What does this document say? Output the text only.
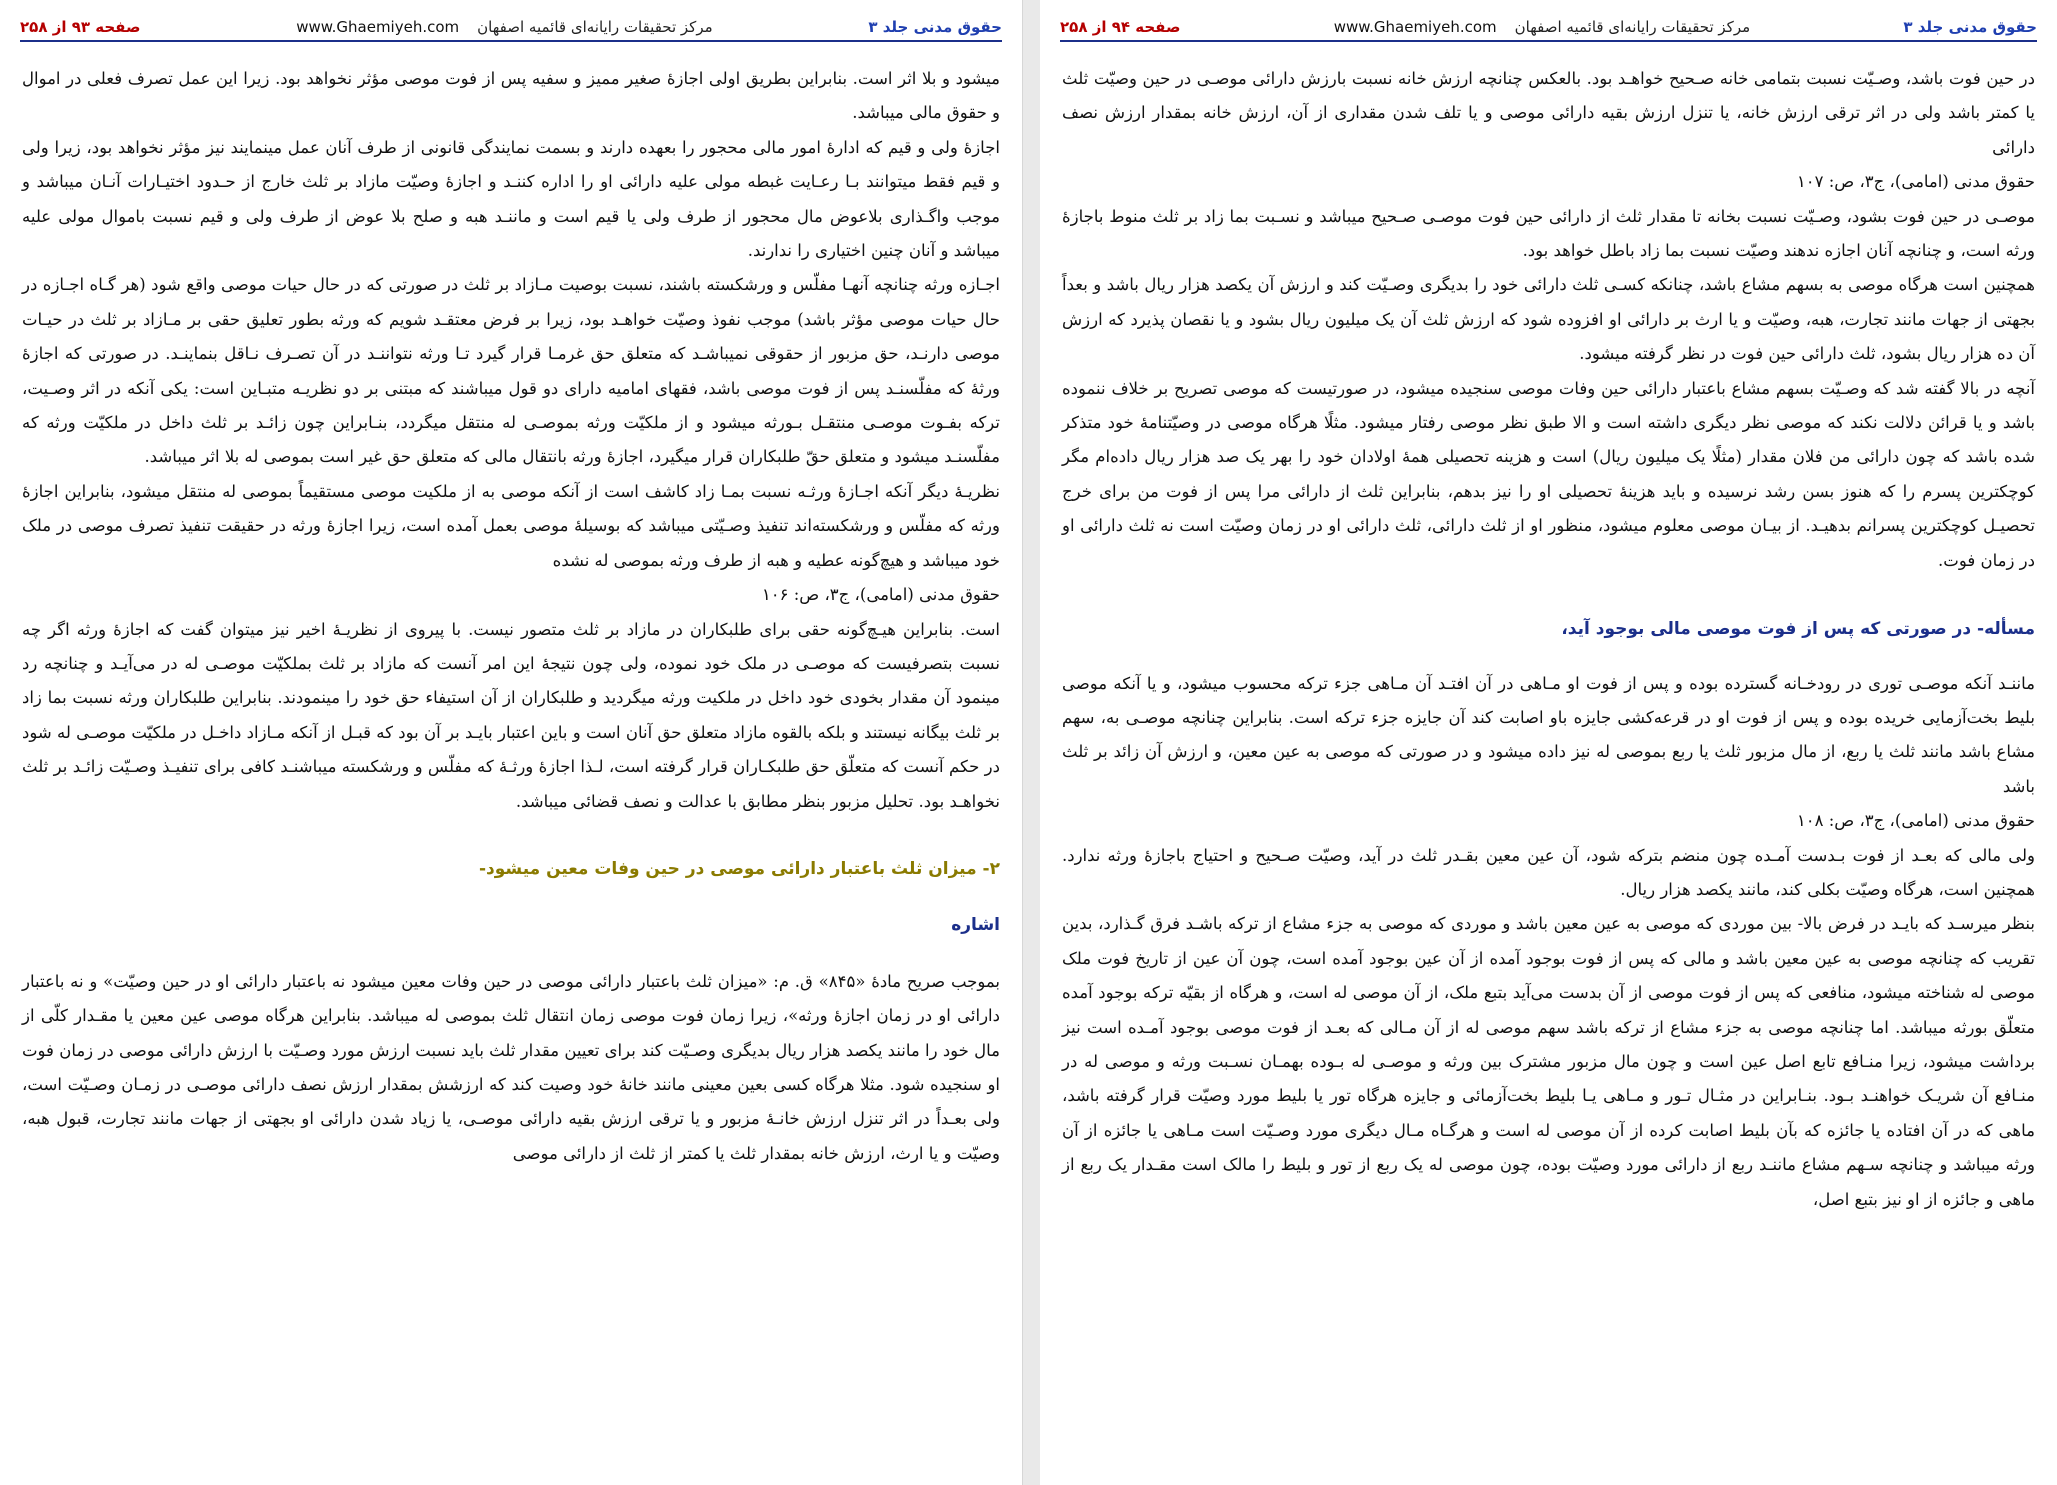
حقوق مدنی جلد ۳
مرکز تحقیقات رایانه‌ای قائمیه اصفهان
www.Ghaemiyeh.com
صفحه ۹۳ از ۲۵۸

میشود و بلا اثر است. بنابراین بطریق اولی اجازهٔ صغیر ممیز و سفیه پس از فوت موصی مؤثر نخواهد بود. زیرا این عمل تصرف فعلی در اموال و حقوق مالی میباشد.

اجازهٔ ولی و قیم که ادارهٔ امور مالی محجور را بعهده دارند و بسمت نمایندگی قانونی از طرف آنان عمل مینمایند نیز مؤثر نخواهد بود، زیرا ولی و قیم فقط میتوانند بـا رعـایت غبطه مولی علیه دارائی او را اداره کننـد و اجازهٔ وصیّت مازاد بر ثلث خارج از حـدود اختیـارات آنـان میباشد و موجب واگـذاری بلاعوض مال محجور از طرف ولی یا قیم است و ماننـد هبه و صلح بلا عوض از طرف ولی و قیم نسبت باموال مولی علیه میباشد و آنان چنین اختیاری را ندارند.

اجـازه ورثه چنانچه آنهـا مفلّس و ورشکسته باشند، نسبت بوصیت مـازاد بر ثلث در صورتی که در حال حیات موصی واقع شود (هر گـاه اجـازه در حال حیات موصی مؤثر باشد) موجب نفوذ وصیّت خواهـد بود، زیرا بر فرض معتقـد شویم که ورثه بطور تعلیق حقی بر مـازاد بر ثلث در حیـات موصی دارنـد، حق مزبور از حقوقی نمیباشـد که متعلق حق غرمـا قرار گیرد تـا ورثه نتواننـد در آن تصـرف نـاقل بنماینـد. در صورتی که اجازهٔ ورثهٔ که مفلّسنـد پس از فوت موصی باشد، فقهای امامیه دارای دو قول میباشند که مبتنی بر دو نظریـه متبـاین است: یکی آنکه در اثر وصـیت، ترکه بفـوت موصـی منتقـل بـورثه میشود و از ملکیّت ورثه بموصـی له منتقل میگردد، بنـابراین چون زائـد بر ثلث داخل در ملکیّت ورثه که مفلّسنـد میشود و متعلق حقّ طلبکاران قرار میگیرد، اجازهٔ ورثه بانتقال مالی که متعلق حق غیر است بموصی له بلا اثر میباشد.

نظریـهٔ دیگر آنکه اجـازهٔ ورثـه نسبت بمـا زاد کاشف است از آنکه موصی به از ملکیت موصی مستقیماً بموصی له منتقل میشود، بنابراین اجازهٔ ورثه که مفلّس و ورشکسته‌اند تنفیذ وصـیّتی میباشد که بوسیلهٔ موصی بعمل آمده است، زیرا اجازهٔ ورثه در حقیقت تنفیذ تصرف موصی در ملک خود میباشد و هیچ‌گونه عطیه و هبه از طرف ورثه بموصی له نشده

حقوق مدنی (امامی)، ج۳، ص: ۱۰۶

است. بنابراین هیـچ‌گونه حقی برای طلبکاران در مازاد بر ثلث متصور نیست. با پیروی از نظریـهٔ اخیر نیز میتوان گفت که اجازهٔ ورثه اگر چه نسبت بتصرفیست که موصـی در ملک خود نموده، ولی چون نتیجهٔ این امر آنست که مازاد بر ثلث بملکیّت موصـی له در می‌آیـد و چنانچه رد مینمود آن مقدار بخودی خود داخل در ملکیت ورثه میگردید و طلبکاران از آن استیفاء حق خود را مینمودند. بنابراین طلبکاران ورثه نسبت بما زاد بر ثلث بیگانه نیستند و بلکه بالقوه مازاد متعلق حق آنان است و باین اعتبار بایـد بر آن بود که قبـل از آنکه مـازاد داخـل در ملکیّت موصـی له شود در حکم آنست که متعلّق حق طلبکـاران قرار گرفته است، لـذا اجازهٔ ورثـهٔ که مفلّس و ورشکسته میباشنـد کافی برای تنفیـذ وصـیّت زائـد بر ثلث نخواهـد بود. تحلیل مزبور بنظر مطابق با عدالت و نصف قضائی میباشد.

۲- میزان ثلث باعتبار دارائی موصی در حین وفات معین میشود-
اشاره

بموجب صریح مادهٔ «۸۴۵» ق. م: «میزان ثلث باعتبار دارائی موصی در حین وفات معین میشود نه باعتبار دارائی او در حین وصیّت» و نه باعتبار دارائی او در زمان اجازهٔ ورثه»، زیرا زمان فوت موصی زمان انتقال ثلث بموصی له میباشد. بنابراین هرگاه موصی عین معین یا مقـدار کلّی از مال خود را مانند یکصد هزار ریال بدیگری وصـیّت کند برای تعیین مقدار ثلث باید نسبت ارزش مورد وصـیّت با ارزش دارائی موصی در زمان فوت او سنجیده شود. مثلا هرگاه کسی بعین معینی مانند خانهٔ خود وصیت کند که ارزشش بمقدار ارزش نصف دارائی موصـی در زمـان وصـیّت است، ولی بعـداً در اثر تنزل ارزش خانـهٔ مزبور و یا ترقی ارزش بقیه دارائی موصـی، یا زیاد شدن دارائی او بجهتی از جهات مانند تجارت، قبول هبه، وصیّت و یا ارث، ارزش خانه بمقدار ثلث یا کمتر از ثلث از دارائی موصی

حقوق مدنی جلد ۳
مرکز تحقیقات رایانه‌ای قائمیه اصفهان
www.Ghaemiyeh.com
صفحه ۹۴ از ۲۵۸

در حین فوت باشد، وصـیّت نسبت بتمامی خانه صـحیح خواهـد بود. بالعکس چنانچه ارزش خانه نسبت بارزش دارائی موصـی در حین وصیّت ثلث یا کمتر باشد ولی در اثر ترقی ارزش خانه، یا تنزل ارزش بقیه دارائی موصی و یا تلف شدن مقداری از آن، ارزش خانه بمقدار ارزش نصف دارائی

حقوق مدنی (امامی)، ج۳، ص: ۱۰۷

موصـی در حین فوت بشود، وصـیّت نسبت بخانه تا مقدار ثلث از دارائی حین فوت موصـی صـحیح میباشد و نسـبت بما زاد بر ثلث منوط باجازهٔ ورثه است، و چنانچه آنان اجازه ندهند وصیّت نسبت بما زاد باطل خواهد بود.

همچنین است هرگاه موصی به بسهم مشاع باشد، چنانکه کسـی ثلث دارائی خود را بدیگری وصـیّت کند و ارزش آن یکصد هزار ریال باشد و بعداً بجهتی از جهات مانند تجارت، هبه، وصیّت و یا ارث بر دارائی او افزوده شود که ارزش ثلث آن یک میلیون ریال بشود و یا نقصان پذیرد که ارزش آن ده هزار ریال بشود، ثلث دارائی حین فوت در نظر گرفته میشود.

آنچه در بالا گفته شد که وصـیّت بسهم مشاع باعتبار دارائی حین وفات موصی سنجیده میشود، در صورتیست که موصی تصریح بر خلاف ننموده باشد و یا قرائن دلالت نکند که موصی نظر دیگری داشته است و الا طبق نظر موصی رفتار میشود. مثلًا هرگاه موصی در وصیّتنامهٔ خود متذکر شده باشد که چون دارائی من فلان مقدار (مثلًا یک میلیون ریال) است و هزینه تحصیلی همهٔ اولادان خود را بهر یک صد هزار ریال داده‌ام مگر کوچکترین پسرم را که هنوز بسن رشد نرسیده و باید هزینهٔ تحصیلی او را نیز بدهم، بنابراین ثلث از دارائی مرا پس از فوت من برای خرج تحصیـل کوچکترین پسرانم بدهیـد. از بیـان موصی معلوم میشود، منظور او از ثلث دارائی، ثلث دارائی او در زمان وصیّت است نه ثلث دارائی او در زمان فوت.

مسأله- در صورتی که پس از فوت موصی مالی بوجود آید،

ماننـد آنکه موصـی توری در رودخـانه گسترده بوده و پس از فوت او مـاهی در آن افتـد آن مـاهی جزء ترکه محسوب میشود، و یا آنکه موصی بلیط بخت‌آزمایی خریده بوده و پس از فوت او در قرعه‌کشی جایزه باو اصابت کند آن جایزه جزء ترکه است. بنابراین چنانچه موصـی به، سهم مشاع باشد مانند ثلث یا ربع، از مال مزبور ثلث یا ربع بموصی له نیز داده میشود و در صورتی که موصی به عین معین، و ارزش آن زائد بر ثلث باشد

حقوق مدنی (امامی)، ج۳، ص: ۱۰۸

ولی مالی که بعـد از فوت بـدست آمـده چون منضم بترکه شود، آن عین معین بقـدر ثلث در آید، وصیّت صـحیح و احتیاج باجازهٔ ورثه ندارد. همچنین است، هرگاه وصیّت بکلی کند، مانند یکصد هزار ریال.

بنظر میرسـد که بایـد در فرض بالا- بین موردی که موصی به عین معین باشد و موردی که موصی به جزء مشاع از ترکه باشـد فرق گـذارد، بدین تقریب که چنانچه موصی به عین معین باشد و مالی که پس از فوت بوجود آمده از آن عین بوجود آمده است، چون آن عین از تاریخ فوت ملک موصی له شناخته میشود، منافعی که پس از فوت موصی از آن بدست می‌آید بتبع ملک، از آن موصی له است، و هرگاه از بقیّه ترکه بوجود آمده متعلّق بورثه میباشد. اما چنانچه موصی به جزء مشاع از ترکه باشد سهم موصی له از آن مـالی که بعـد از فوت موصی بوجود آمـده است نیز برداشت میشود، زیرا منـافع تابع اصل عین است و چون مال مزبور مشترک بین ورثه و موصـی له بـوده بهمـان نسـبت ورثه و موصی له در منـافع آن شریـک خواهنـد بـود. بنـابراین در مثـال تـور و مـاهی یـا بلیط بخت‌آزمائی و جایزه هرگاه تور یا بلیط مورد وصیّت قرار گرفته باشد، ماهی که در آن افتاده یا جائزه که بآن بلیط اصابت کرده از آن موصی له است و هرگـاه مـال دیگری مورد وصـیّت است مـاهی یا جائزه از آن ورثه میباشد و چنانچه سـهم مشاع ماننـد ربع از دارائی مورد وصیّت بوده، چون موصی له یک ربع از تور و بلیط را مالک است مقـدار یک ربع از ماهی و جائزه از او نیز بتبع اصل،
